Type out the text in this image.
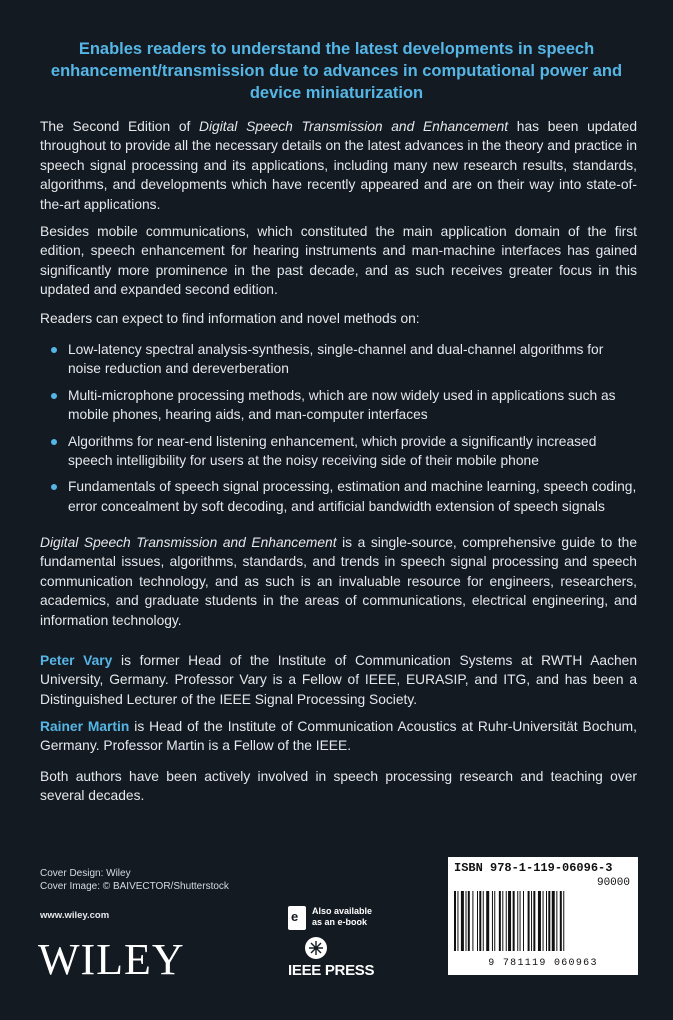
Enables readers to understand the latest developments in speech enhancement/transmission due to advances in computational power and device miniaturization
The Second Edition of Digital Speech Transmission and Enhancement has been updated throughout to provide all the necessary details on the latest advances in the theory and practice in speech signal processing and its applications, including many new research results, standards, algorithms, and developments which have recently appeared and are on their way into state-of-the-art applications.
Besides mobile communications, which constituted the main application domain of the first edition, speech enhancement for hearing instruments and man-machine interfaces has gained significantly more prominence in the past decade, and as such receives greater focus in this updated and expanded second edition.
Readers can expect to find information and novel methods on:
Low-latency spectral analysis-synthesis, single-channel and dual-channel algorithms for noise reduction and dereverberation
Multi-microphone processing methods, which are now widely used in applications such as mobile phones, hearing aids, and man-computer interfaces
Algorithms for near-end listening enhancement, which provide a significantly increased speech intelligibility for users at the noisy receiving side of their mobile phone
Fundamentals of speech signal processing, estimation and machine learning, speech coding, error concealment by soft decoding, and artificial bandwidth extension of speech signals
Digital Speech Transmission and Enhancement is a single-source, comprehensive guide to the fundamental issues, algorithms, standards, and trends in speech signal processing and speech communication technology, and as such is an invaluable resource for engineers, researchers, academics, and graduate students in the areas of communications, electrical engineering, and information technology.
Peter Vary is former Head of the Institute of Communication Systems at RWTH Aachen University, Germany. Professor Vary is a Fellow of IEEE, EURASIP, and ITG, and has been a Distinguished Lecturer of the IEEE Signal Processing Society.
Rainer Martin is Head of the Institute of Communication Acoustics at Ruhr-Universität Bochum, Germany. Professor Martin is a Fellow of the IEEE.
Both authors have been actively involved in speech processing research and teaching over several decades.
Cover Design: Wiley
Cover Image: © BAIVECTOR/Shutterstock
www.wiley.com
WILEY
e Also available
as an e-book
IEEE PRESS
ISBN 978-1-119-06096-3
90000
9 781119 060963
